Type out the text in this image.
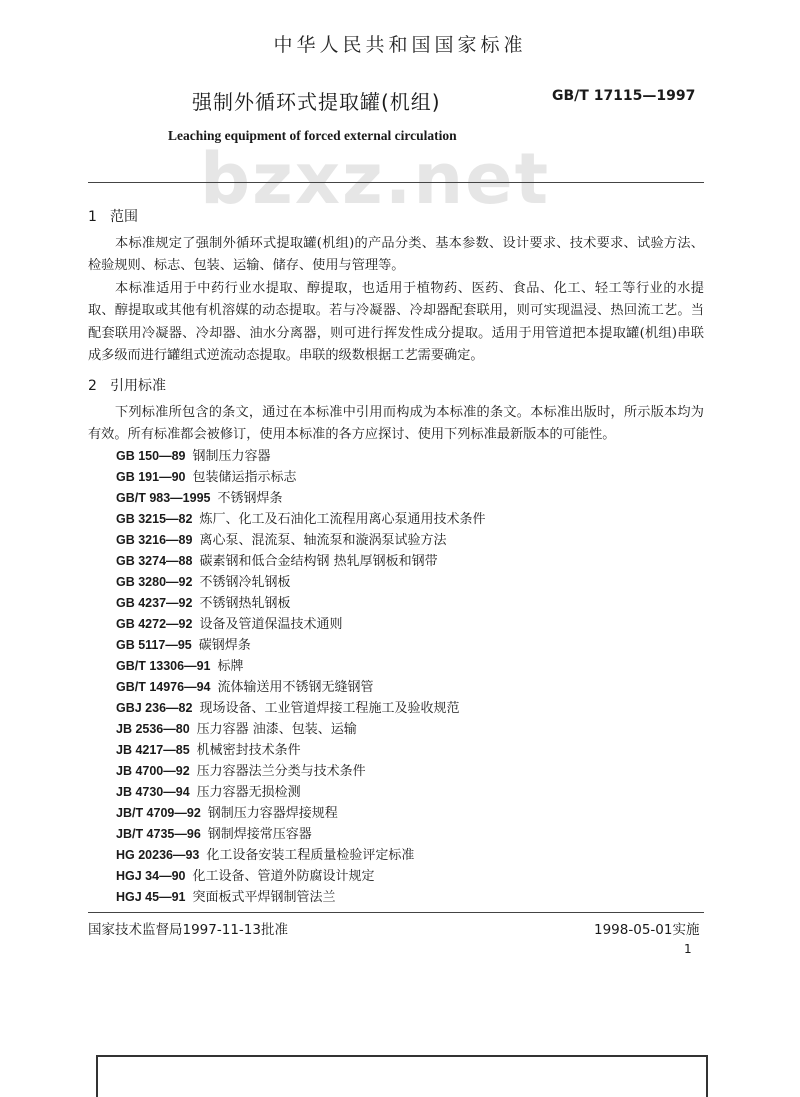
中华人民共和国国家标准
强制外循环式提取罐(机组)	GB/T 17115—1997
bzxz.net
Leaching equipment of forced external circulation
1 范围
本标准规定了强制外循环式提取罐(机组)的产品分类、基本参数、设计要求、技术要求、试验方法、检验规则、标志、包装、运输、储存、使用与管理等。
本标准适用于中药行业水提取、醇提取，也适用于植物药、医药、食品、化工、轻工等行业的水提取、醇提取或其他有机溶媒的动态提取。若与冷凝器、冷却器配套联用，则可实现温浸、热回流工艺。当配套联用冷凝器、冷却器、油水分离器，则可进行挥发性成分提取。适用于用管道把本提取罐(机组)串联成多级而进行罐组式逆流动态提取。串联的级数根据工艺需要确定。
2 引用标准
下列标准所包含的条文，通过在本标准中引用而构成为本标准的条文。本标准出版时，所示版本均为有效。所有标准都会被修订，使用本标准的各方应探讨、使用下列标准最新版本的可能性。
GB 150—89 钢制压力容器
GB 191—90 包装储运指示标志
GB/T 983—1995 不锈钢焊条
GB 3215—82 炼厂、化工及石油化工流程用离心泵通用技术条件
GB 3216—89 离心泵、混流泵、轴流泵和漩涡泵试验方法
GB 3274—88 碳素钢和低合金结构钢 热轧厚钢板和钢带
GB 3280—92 不锈钢冷轧钢板
GB 4237—92 不锈钢热轧钢板
GB 4272—92 设备及管道保温技术通则
GB 5117—95 碳钢焊条
GB/T 13306—91 标牌
GB/T 14976—94 流体输送用不锈钢无缝钢管
GBJ 236—82 现场设备、工业管道焊接工程施工及验收规范
JB 2536—80 压力容器 油漆、包装、运输
JB 4217—85 机械密封技术条件
JB 4700—92 压力容器法兰分类与技术条件
JB 4730—94 压力容器无损检测
JB/T 4709—92 钢制压力容器焊接规程
JB/T 4735—96 钢制焊接常压容器
HG 20236—93 化工设备安装工程质量检验评定标准
HGJ 34—90 化工设备、管道外防腐设计规定
HGJ 45—91 突面板式平焊钢制管法兰
国家技术监督局1997-11-13批准	1998-05-01实施
1
